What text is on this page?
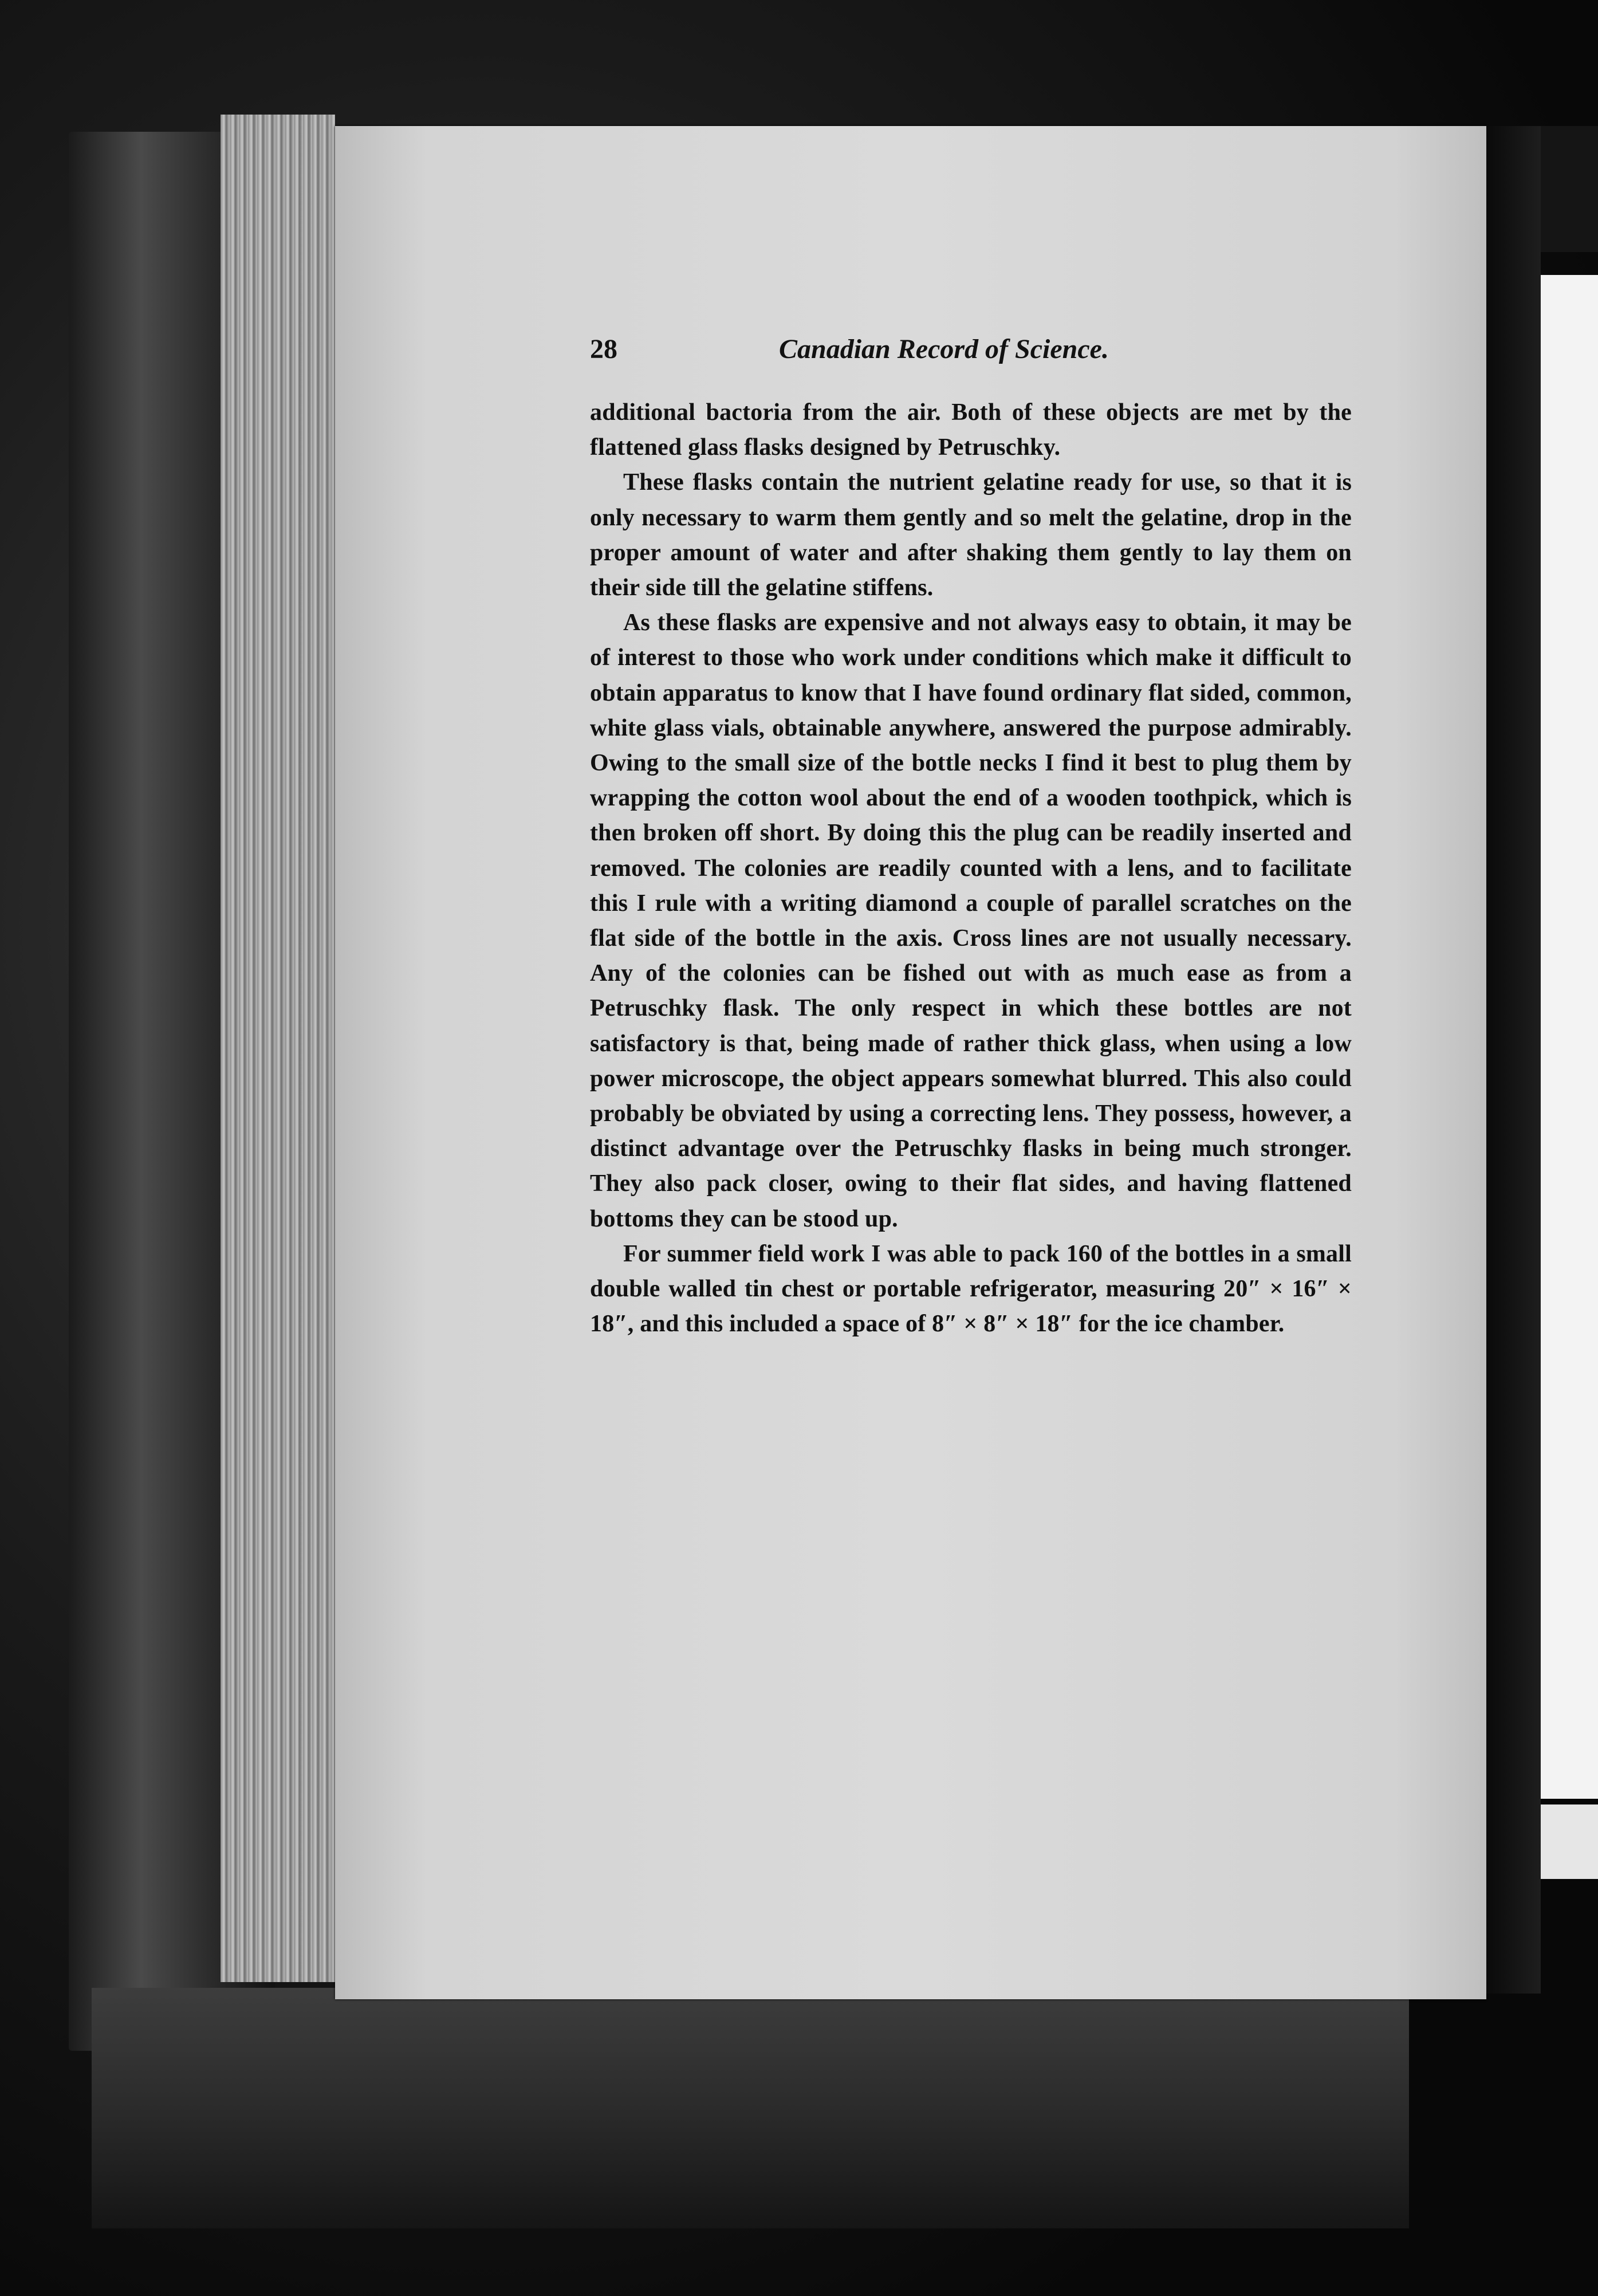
28	Canadian Record of Science.

additional bactoria from the air. Both of these objects are met by the flattened glass flasks designed by Petruschky.

These flasks contain the nutrient gelatine ready for use, so that it is only necessary to warm them gently and so melt the gelatine, drop in the proper amount of water and after shaking them gently to lay them on their side till the gelatine stiffens.

As these flasks are expensive and not always easy to obtain, it may be of interest to those who work under conditions which make it difficult to obtain apparatus to know that I have found ordinary flat sided, common, white glass vials, obtainable anywhere, answered the purpose admirably. Owing to the small size of the bottle necks I find it best to plug them by wrapping the cotton wool about the end of a wooden toothpick, which is then broken off short. By doing this the plug can be readily inserted and removed. The colonies are readily counted with a lens, and to facilitate this I rule with a writing diamond a couple of parallel scratches on the flat side of the bottle in the axis. Cross lines are not usually necessary. Any of the colonies can be fished out with as much ease as from a Petruschky flask. The only respect in which these bottles are not satisfactory is that, being made of rather thick glass, when using a low power microscope, the object appears somewhat blurred. This also could probably be obviated by using a correcting lens. They possess, however, a distinct advantage over the Petruschky flasks in being much stronger. They also pack closer, owing to their flat sides, and having flattened bottoms they can be stood up.

For summer field work I was able to pack 160 of the bottles in a small double walled tin chest or portable refrigerator, measuring 20″ × 16″ × 18″, and this included a space of 8″ × 8″ × 18″ for the ice chamber.
